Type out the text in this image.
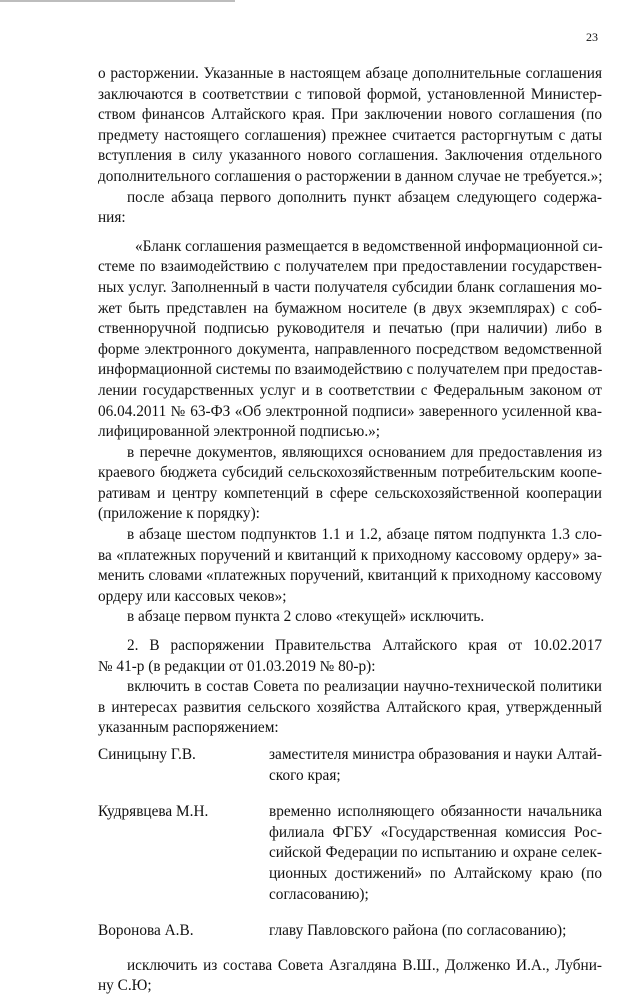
23
о расторжении. Указанные в настоящем абзаце дополнительные соглашения
заключаются в соответствии с типовой формой, установленной Министер-
ством финансов Алтайского края. При заключении нового соглашения (по
предмету настоящего соглашения) прежнее считается расторгнутым с даты
вступления в силу указанного нового соглашения. Заключения отдельного
дополнительного соглашения о расторжении в данном случае не требуется.»;
после абзаца первого дополнить пункт абзацем следующего содержа-
ния:
«Бланк соглашения размещается в ведомственной информационной си-
стеме по взаимодействию с получателем при предоставлении государствен-
ных услуг. Заполненный в части получателя субсидии бланк соглашения мо-
жет быть представлен на бумажном носителе (в двух экземплярах) с соб-
ственноручной подписью руководителя и печатью (при наличии) либо в
форме электронного документа, направленного посредством ведомственной
информационной системы по взаимодействию с получателем при предостав-
лении государственных услуг и в соответствии с Федеральным законом от
06.04.2011 № 63-ФЗ «Об электронной подписи» заверенного усиленной ква-
лифицированной электронной подписью.»;
в перечне документов, являющихся основанием для предоставления из
краевого бюджета субсидий сельскохозяйственным потребительским коопе-
ративам и центру компетенций в сфере сельскохозяйственной кооперации
(приложение к порядку):
в абзаце шестом подпунктов 1.1 и 1.2, абзаце пятом подпункта 1.3 сло-
ва «платежных поручений и квитанций к приходному кассовому ордеру» за-
менить словами «платежных поручений, квитанций к приходному кассовому
ордеру или кассовых чеков»;
в абзаце первом пункта 2 слово «текущей» исключить.
2. В распоряжении Правительства Алтайского края от 10.02.2017
№ 41-р (в редакции от 01.03.2019 № 80-р):
включить в состав Совета по реализации научно-технической политики
в интересах развития сельского хозяйства Алтайского края, утвержденный
указанным распоряжением:
Синицыну Г.В.	заместителя министра образования и науки Алтай-
ского края;
Кудрявцева М.Н.	временно исполняющего обязанности начальника
филиала ФГБУ «Государственная комиссия Рос-
сийской Федерации по испытанию и охране селек-
ционных достижений» по Алтайскому краю (по
согласованию);
Воронова А.В.	главу Павловского района (по согласованию);
исключить из состава Совета Азгалдяна В.Ш., Долженко И.А., Лубни-
ну С.Ю;
